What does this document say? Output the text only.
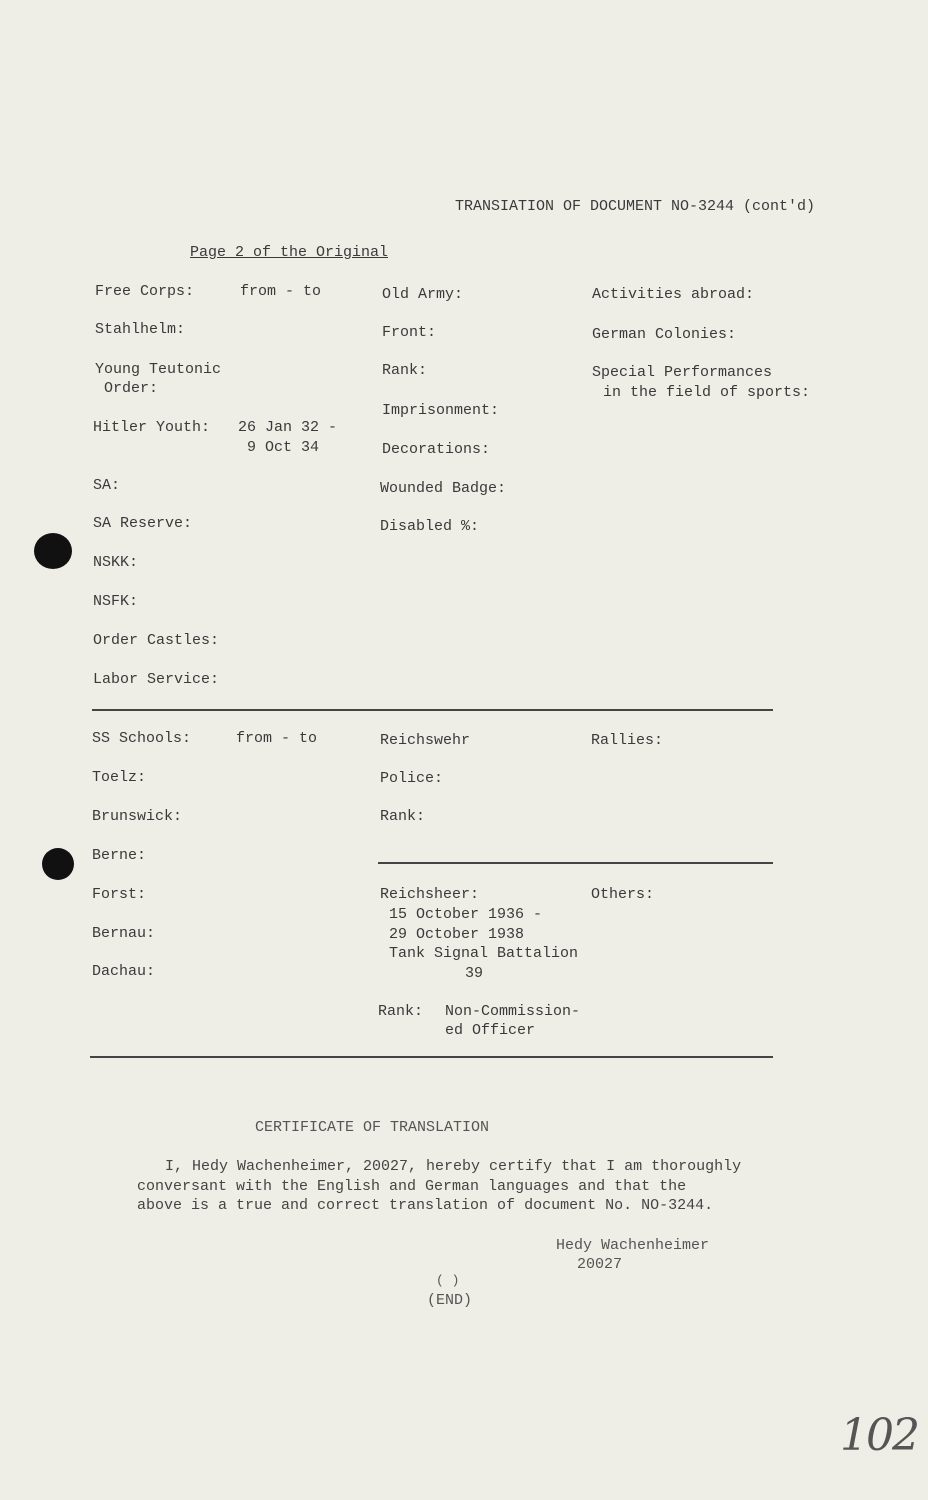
TRANSIATION OF DOCUMENT NO-3244 (cont'd)
Page 2 of the Original
Free Corps:	from - to
Stahlhelm:
Young Teutonic
Order:
Hitler Youth: 26 Jan 32 -
9 Oct 34
SA:
SA Reserve:
NSKK:
NSFK:
Order Castles:
Labor Service:
Old Army:
Front:
Rank:
Imprisonment:
Decorations:
Wounded Badge:
Disabled %:
Activities abroad:
German Colonies:
Special Performances
in the field of sports:
SS Schools:	from - to
Toelz:
Brunswick:
Berne:
Forst:
Bernau:
Dachau:
Reichswehr
Police:
Rank:
Reichsheer:
15 October 1936 -
29 October 1938
Tank Signal Battalion
39
Rank: Non-Commission-
ed Officer
Rallies:
Others:
CERTIFICATE OF TRANSLATION
I, Hedy Wachenheimer, 20027, hereby certify that I am thoroughly
conversant with the English and German languages and that the
above is a true and correct translation of document No. NO-3244.
Hedy Wachenheimer
20027
( )
(END)
102
